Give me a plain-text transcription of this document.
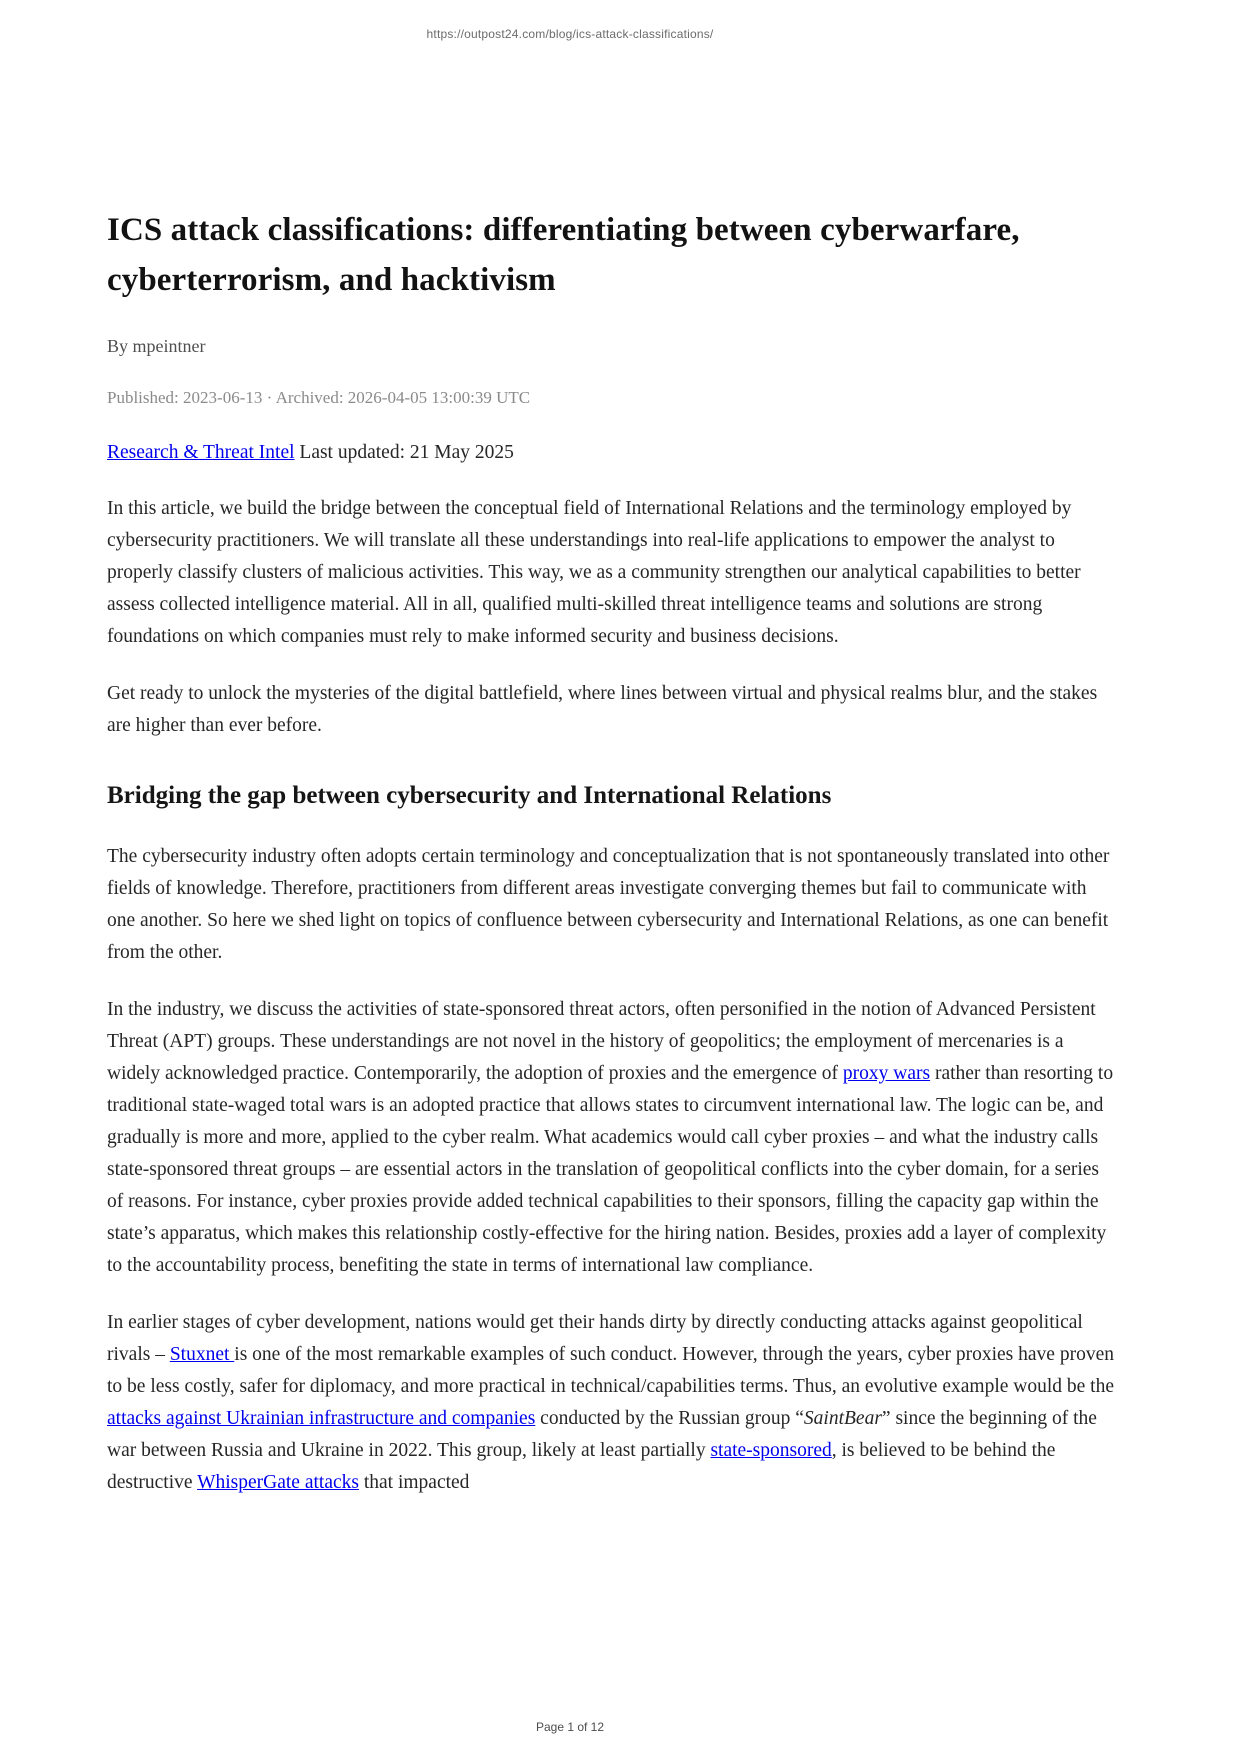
https://outpost24.com/blog/ics-attack-classifications/
ICS attack classifications: differentiating between cyberwarfare, cyberterrorism, and hacktivism
By mpeintner
Published: 2023-06-13 · Archived: 2026-04-05 13:00:39 UTC
Research & Threat Intel Last updated: 21 May 2025

In this article, we build the bridge between the conceptual field of International Relations and the terminology employed by cybersecurity practitioners. We will translate all these understandings into real-life applications to empower the analyst to properly classify clusters of malicious activities. This way, we as a community strengthen our analytical capabilities to better assess collected intelligence material. All in all, qualified multi-skilled threat intelligence teams and solutions are strong foundations on which companies must rely to make informed security and business decisions.

Get ready to unlock the mysteries of the digital battlefield, where lines between virtual and physical realms blur, and the stakes are higher than ever before.

Bridging the gap between cybersecurity and International Relations

The cybersecurity industry often adopts certain terminology and conceptualization that is not spontaneously translated into other fields of knowledge. Therefore, practitioners from different areas investigate converging themes but fail to communicate with one another. So here we shed light on topics of confluence between cybersecurity and International Relations, as one can benefit from the other.

In the industry, we discuss the activities of state-sponsored threat actors, often personified in the notion of Advanced Persistent Threat (APT) groups. These understandings are not novel in the history of geopolitics; the employment of mercenaries is a widely acknowledged practice. Contemporarily, the adoption of proxies and the emergence of proxy wars rather than resorting to traditional state-waged total wars is an adopted practice that allows states to circumvent international law. The logic can be, and gradually is more and more, applied to the cyber realm. What academics would call cyber proxies – and what the industry calls state-sponsored threat groups – are essential actors in the translation of geopolitical conflicts into the cyber domain, for a series of reasons. For instance, cyber proxies provide added technical capabilities to their sponsors, filling the capacity gap within the state’s apparatus, which makes this relationship costly-effective for the hiring nation. Besides, proxies add a layer of complexity to the accountability process, benefiting the state in terms of international law compliance.

In earlier stages of cyber development, nations would get their hands dirty by directly conducting attacks against geopolitical rivals – Stuxnet is one of the most remarkable examples of such conduct. However, through the years, cyber proxies have proven to be less costly, safer for diplomacy, and more practical in technical/capabilities terms. Thus, an evolutive example would be the attacks against Ukrainian infrastructure and companies conducted by the Russian group “SaintBear” since the beginning of the war between Russia and Ukraine in 2022. This group, likely at least partially state-sponsored, is believed to be behind the destructive WhisperGate attacks that impacted

Page 1 of 12
